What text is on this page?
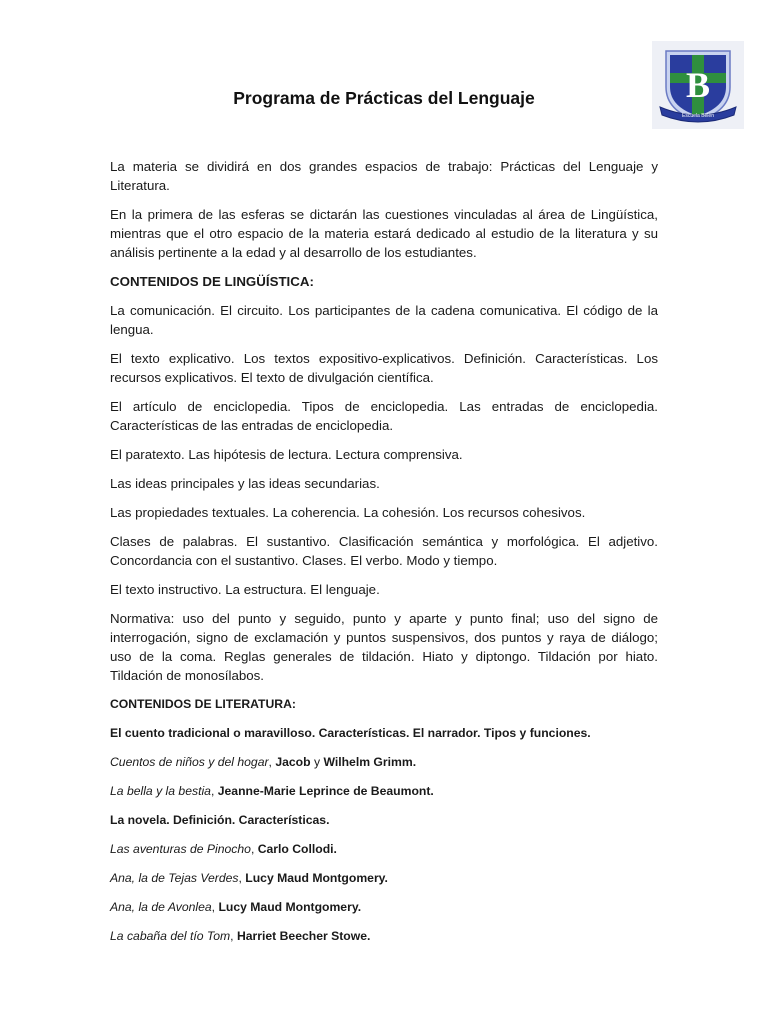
B
Escuela Belén
Programa de Prácticas del Lenguaje

La materia se dividirá en dos grandes espacios de trabajo: Prácticas del Lenguaje y Literatura.

En la primera de las esferas se dictarán las cuestiones vinculadas al área de Lingüística, mientras que el otro espacio de la materia estará dedicado al estudio de la literatura y su análisis pertinente a la edad y al desarrollo de los estudiantes.

CONTENIDOS DE LINGÜÍSTICA:

La comunicación. El circuito. Los participantes de la cadena comunicativa. El código de la lengua.

El texto explicativo. Los textos expositivo-explicativos. Definición. Características. Los recursos explicativos. El texto de divulgación científica.

El artículo de enciclopedia. Tipos de enciclopedia. Las entradas de enciclopedia. Características de las entradas de enciclopedia.

El paratexto. Las hipótesis de lectura. Lectura comprensiva.

Las ideas principales y las ideas secundarias.

Las propiedades textuales. La coherencia. La cohesión. Los recursos cohesivos.

Clases de palabras. El sustantivo. Clasificación semántica y morfológica. El adjetivo. Concordancia con el sustantivo. Clases. El verbo. Modo y tiempo.

El texto instructivo. La estructura. El lenguaje.

Normativa: uso del punto y seguido, punto y aparte y punto final; uso del signo de interrogación, signo de exclamación y puntos suspensivos, dos puntos y raya de diálogo; uso de la coma. Reglas generales de tildación. Hiato y diptongo. Tildación por hiato. Tildación de monosílabos.

CONTENIDOS DE LITERATURA:

El cuento tradicional o maravilloso. Características. El narrador. Tipos y funciones.

Cuentos de niños y del hogar, Jacob y Wilhelm Grimm.

La bella y la bestia, Jeanne-Marie Leprince de Beaumont.

La novela. Definición. Características.

Las aventuras de Pinocho, Carlo Collodi.

Ana, la de Tejas Verdes, Lucy Maud Montgomery.

Ana, la de Avonlea, Lucy Maud Montgomery.

La cabaña del tío Tom, Harriet Beecher Stowe.
